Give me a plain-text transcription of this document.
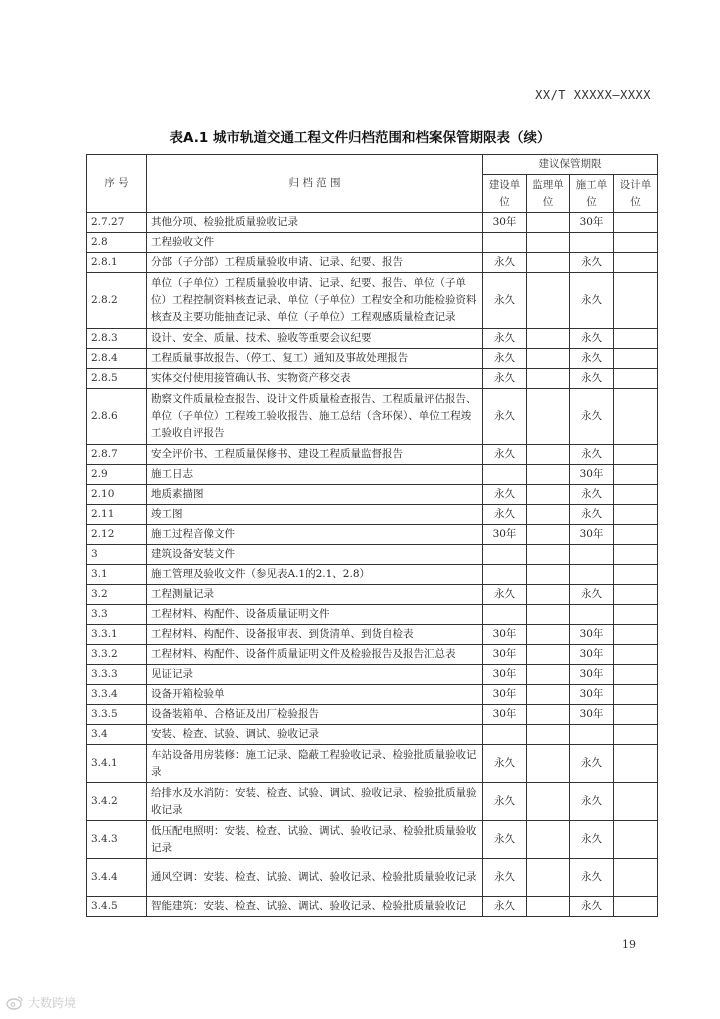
XX/T XXXXX—XXXX
表A.1 城市轨道交通工程文件归档范围和档案保管期限表（续）
序 号	归 档 范 围	建议保管期限			
		建设单位	监理单位	施工单位	设计单位
2.7.27	其他分项、检验批质量验收记录	30年		30年	
2.8	工程验收文件				
2.8.1	分部（子分部）工程质量验收申请、记录、纪要、报告	永久		永久	
2.8.2	单位（子单位）工程质量验收申请、记录、纪要、报告、单位（子单位）工程控制资料核查记录、单位（子单位）工程安全和功能检验资料核查及主要功能抽查记录、单位（子单位）工程观感质量检查记录	永久		永久	
2.8.3	设计、安全、质量、技术、验收等重要会议纪要	永久		永久	
2.8.4	工程质量事故报告、（停工、复工）通知及事故处理报告	永久		永久	
2.8.5	实体交付使用接管确认书、实物资产移交表	永久		永久	
2.8.6	勘察文件质量检查报告、设计文件质量检查报告、工程质量评估报告、单位（子单位）工程竣工验收报告、施工总结（含环保）、单位工程竣工验收自评报告	永久		永久	
2.8.7	安全评价书、工程质量保修书、建设工程质量监督报告	永久		永久	
2.9	施工日志			30年	
2.10	地质素描图	永久		永久	
2.11	竣工图	永久		永久	
2.12	施工过程音像文件	30年		30年	
3	建筑设备安装文件				
3.1	施工管理及验收文件（参见表A.1的2.1、2.8）				
3.2	工程测量记录	永久		永久	
3.3	工程材料、构配件、设备质量证明文件				
3.3.1	工程材料、构配件、设备报审表、到货清单、到货自检表	30年		30年	
3.3.2	工程材料、构配件、设备件质量证明文件及检验报告及报告汇总表	30年		30年	
3.3.3	见证记录	30年		30年	
3.3.4	设备开箱检验单	30年		30年	
3.3.5	设备装箱单、合格证及出厂检验报告	30年		30年	
3.4	安装、检查、试验、调试、验收记录				
3.4.1	车站设备用房装修：施工记录、隐蔽工程验收记录、检验批质量验收记录	永久		永久	
3.4.2	给排水及水消防：安装、检查、试验、调试、验收记录、检验批质量验收记录	永久		永久	
3.4.3	低压配电照明：安装、检查、试验、调试、验收记录、检验批质量验收记录	永久		永久	
3.4.4	通风空调：安装、检查、试验、调试、验收记录、检验批质量验收记录	永久		永久	
3.4.5	智能建筑：安装、检查、试验、调试、验收记录、检验批质量验收记	永久		永久	
19
大数跨境
